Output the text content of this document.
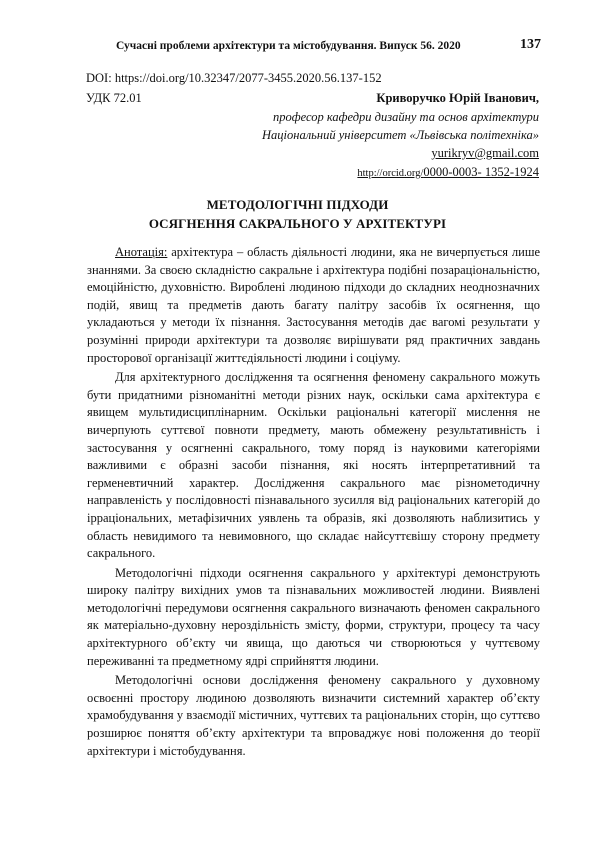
Сучасні проблеми архітектури та містобудування. Випуск 56. 2020	137
DOI: https://doi.org/10.32347/2077-3455.2020.56.137-152
УДК 72.01	Криворучко Юрій Іванович,
професор кафедри дизайну та основ архітектури
Національний університет «Львівська політехніка»
yurikryv@gmail.com
http://orcid.org/0000-0003- 1352-1924
МЕТОДОЛОГІЧНІ ПІДХОДИ
ОСЯГНЕННЯ САКРАЛЬНОГО У АРХІТЕКТУРІ

Анотація: архітектура – область діяльності людини, яка не вичерпується лише знаннями. За своєю складністю сакральне і архітектура подібні позараціональністю, емоційністю, духовністю. Вироблені людиною підходи до складних неоднозначних подій, явищ та предметів дають багату палітру засобів їх осягнення, що укладаються у методи їх пізнання. Застосування методів дає вагомі результати у розумінні природи архітектури та дозволяє вирішувати ряд практичних завдань просторової організації життєдіяльності людини і соціуму.

Для архітектурного дослідження та осягнення феномену сакрального можуть бути придатними різноманітні методи різних наук, оскільки сама архітектура є явищем мультидисциплінарним. Оскільки раціональні категорії мислення не вичерпують суттєвої повноти предмету, мають обмежену результативність і застосування у осягненні сакрального, тому поряд із науковими категоріями важливими є образні засоби пізнання, які носять інтерпретативний та герменевтичний характер. Дослідження сакрального має різнометодичну направленість у послідовності пізнавального зусилля від раціональних категорій до ірраціональних, метафізичних уявлень та образів, які дозволяють наблизитись у область невидимого та невимовного, що складає найсуттєвішу сторону предмету сакрального.

Методологічні підходи осягнення сакрального у архітектурі демонструють широку палітру вихідних умов та пізнавальних можливостей людини. Виявлені методологічні передумови осягнення сакрального визначають феномен сакрального як матеріально-духовну нероздільність змісту, форми, структури, процесу та часу архітектурного об’єкту чи явища, що даються чи створюються у чуттєвому переживанні та предметному ядрі сприйняття людини.

Методологічні основи дослідження феномену сакрального у духовному освоєнні простору людиною дозволяють визначити системний характер об’єкту храмобудування у взаємодії містичних, чуттєвих та раціональних сторін, що суттєво розширює поняття об’єкту архітектури та впроваджує нові положення до теорії архітектури і містобудування.
